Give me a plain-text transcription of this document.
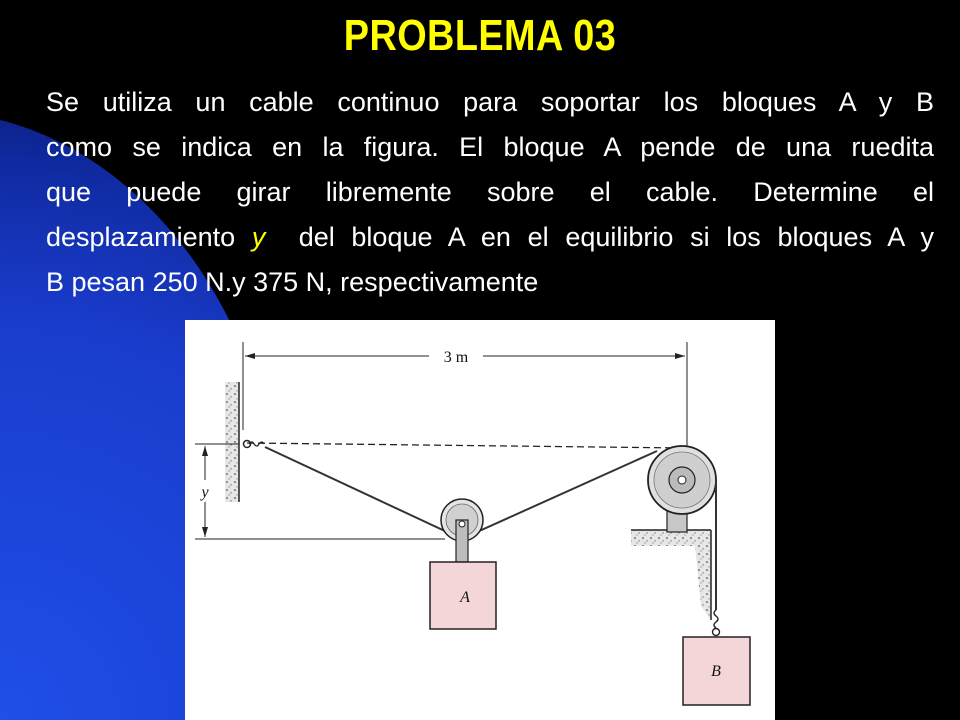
PROBLEMA 03
Se utiliza un cable continuo para soportar los bloques A y B
como se indica en la figura. El bloque A pende de una ruedita
que puede girar libremente sobre el cable. Determine el
desplazamiento y  del bloque A en el equilibrio si los bloques A y
B pesan 250 N.y 375 N, respectivamente
3 m
y
A
B
